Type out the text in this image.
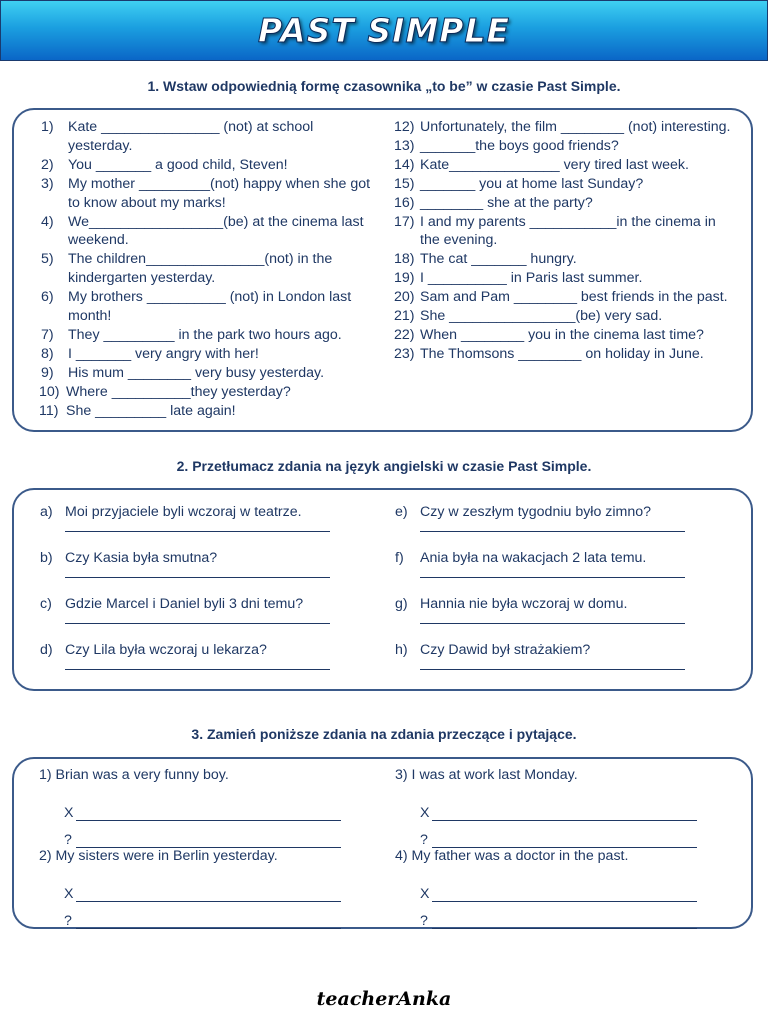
PAST SIMPLE
1. Wstaw odpowiednią formę czasownika „to be” w czasie Past Simple.
1)	Kate _______________ (not) at school yesterday.
2)	You _______ a good child, Steven!
3)	My mother _________(not) happy when she got to know about my marks!
4)	We_________________(be) at the cinema last weekend.
5)	The children_______________(not) in the kindergarten yesterday.
6)	My brothers __________ (not) in London last month!
7)	They _________ in the park two hours ago.
8)	I _______ very angry with her!
9)	His mum ________ very busy yesterday.
10) Where __________they yesterday?
11) She _________ late again!
12) Unfortunately, the film ________ (not) interesting.
13) _______the boys good friends?
14) Kate______________ very tired last week.
15) _______ you at home last Sunday?
16) ________ she at the party?
17) I and my parents ___________in the cinema in the evening.
18) The cat _______ hungry.
19) I __________ in Paris last summer.
20) Sam and Pam ________ best friends in the past.
21) She ________________(be) very sad.
22) When ________ you in the cinema last time?
23) The Thomsons ________ on holiday in June.
2. Przetłumacz zdania na język angielski w czasie Past Simple.
a) Moi przyjaciele byli wczoraj w teatrze.
b) Czy Kasia była smutna?
c) Gdzie Marcel i Daniel byli 3 dni temu?
d) Czy Lila była wczoraj u lekarza?
e) Czy w zeszłym tygodniu było zimno?
f)	Ania była na wakacjach 2 lata temu.
g) Hannia nie była wczoraj w domu.
h) Czy Dawid był strażakiem?
3. Zamień poniższe zdania na zdania przeczące i pytające.
1) Brian was a very funny boy.
X
?
2) My sisters were in Berlin yesterday.
X
?
3) I was at work last Monday.
X
?
4) My father was a doctor in the past.
X
?
teacherAnka
